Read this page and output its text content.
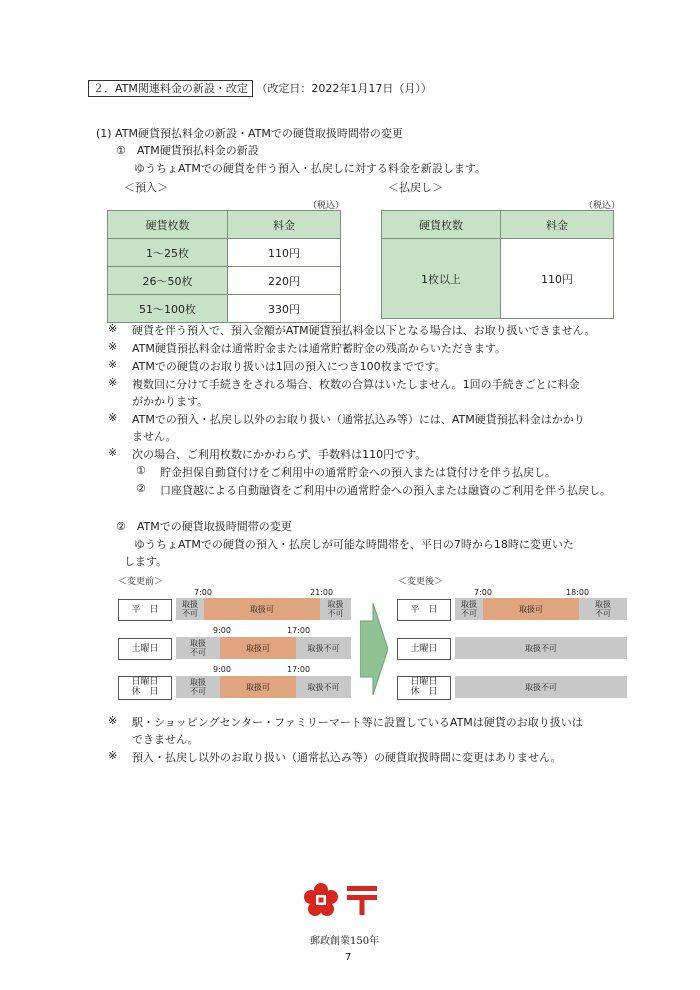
２．ATM関連料金の新設・改定 （改定日：2022年1月17日（月））
(1) ATM硬貨預払料金の新設・ATMでの硬貨取扱時間帯の変更
①　ATM硬貨預払料金の新設
ゆうちょATMでの硬貨を伴う預入・払戻しに対する料金を新設します。
＜預入＞
（税込）
硬貨枚数	料金
1〜25枚	110円
26〜50枚	220円
51〜100枚	330円
＜払戻し＞
（税込）
硬貨枚数	料金
1枚以上	110円
※ 硬貨を伴う預入で、預入金額がATM硬貨預払料金以下となる場合は、お取り扱いできません。
※ ATM硬貨預払料金は通常貯金または通常貯蓄貯金の残高からいただきます。
※ ATMでの硬貨のお取り扱いは1回の預入につき100枚までです。
※ 複数回に分けて手続きをされる場合、枚数の合算はいたしません。1回の手続きごとに料金
がかかります。
※ ATMでの預入・払戻し以外のお取り扱い（通常払込み等）には、ATM硬貨預払料金はかかり
ません。
※ 次の場合、ご利用枚数にかかわらず、手数料は110円です。
① 貯金担保自動貸付けをご利用中の通常貯金への預入または貸付けを伴う払戻し。
② 口座貸越による自動融資をご利用中の通常貯金への預入または融資のご利用を伴う払戻し。
②　ATMでの硬貨取扱時間帯の変更
ゆうちょATMでの硬貨の預入・払戻しが可能な時間帯を、平日の7時から18時に変更いた
します。
＜変更前＞
7:00	21:00
平　日
取扱
不可	取扱可	取扱
不可
9:00	17:00
土曜日
取扱
不可	取扱可	取扱不可
9:00	17:00
日曜日
休　日
取扱
不可	取扱可	取扱不可
＜変更後＞
7:00	18:00
平　日
取扱
不可	取扱可	取扱
不可
土曜日	取扱不可
日曜日
休　日	取扱不可
※ 駅・ショッピングセンター・ファミリーマート等に設置しているATMは硬貨のお取り扱いは
できません。
※ 預入・払戻し以外のお取り扱い（通常払込み等）の硬貨取扱時間に変更はありません。
郵政創業150年
7
